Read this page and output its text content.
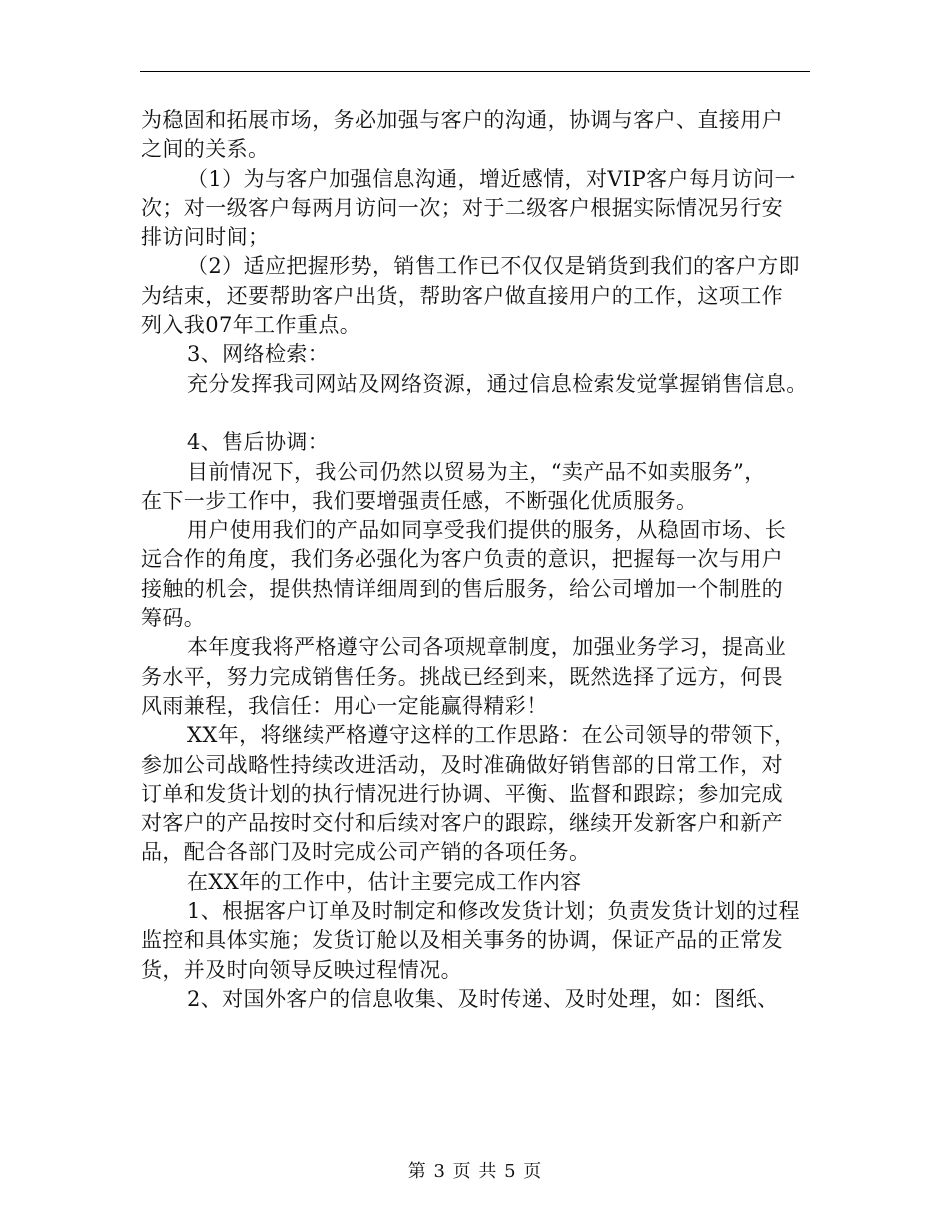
为稳固和拓展市场，务必加强与客户的沟通，协调与客户、直接用户
之间的关系。
（1）为与客户加强信息沟通，增近感情，对VIP客户每月访问一
次；对一级客户每两月访问一次；对于二级客户根据实际情况另行安
排访问时间；
（2）适应把握形势，销售工作已不仅仅是销货到我们的客户方即
为结束，还要帮助客户出货，帮助客户做直接用户的工作，这项工作
列入我07年工作重点。
3、网络检索：
充分发挥我司网站及网络资源，通过信息检索发觉掌握销售信息。
4、售后协调：
目前情况下，我公司仍然以贸易为主，“卖产品不如卖服务”，
在下一步工作中，我们要增强责任感，不断强化优质服务。
用户使用我们的产品如同享受我们提供的服务，从稳固市场、长
远合作的角度，我们务必强化为客户负责的意识，把握每一次与用户
接触的机会，提供热情详细周到的售后服务，给公司增加一个制胜的
筹码。
本年度我将严格遵守公司各项规章制度，加强业务学习，提高业
务水平，努力完成销售任务。挑战已经到来，既然选择了远方，何畏
风雨兼程，我信任：用心一定能赢得精彩！
XX年，将继续严格遵守这样的工作思路：在公司领导的带领下，
参加公司战略性持续改进活动，及时准确做好销售部的日常工作，对
订单和发货计划的执行情况进行协调、平衡、监督和跟踪；参加完成
对客户的产品按时交付和后续对客户的跟踪，继续开发新客户和新产
品，配合各部门及时完成公司产销的各项任务。
在XX年的工作中，估计主要完成工作内容
1、根据客户订单及时制定和修改发货计划；负责发货计划的过程
监控和具体实施；发货订舱以及相关事务的协调，保证产品的正常发
货，并及时向领导反映过程情况。
2、对国外客户的信息收集、及时传递、及时处理，如：图纸、
第 3 页 共 5 页
